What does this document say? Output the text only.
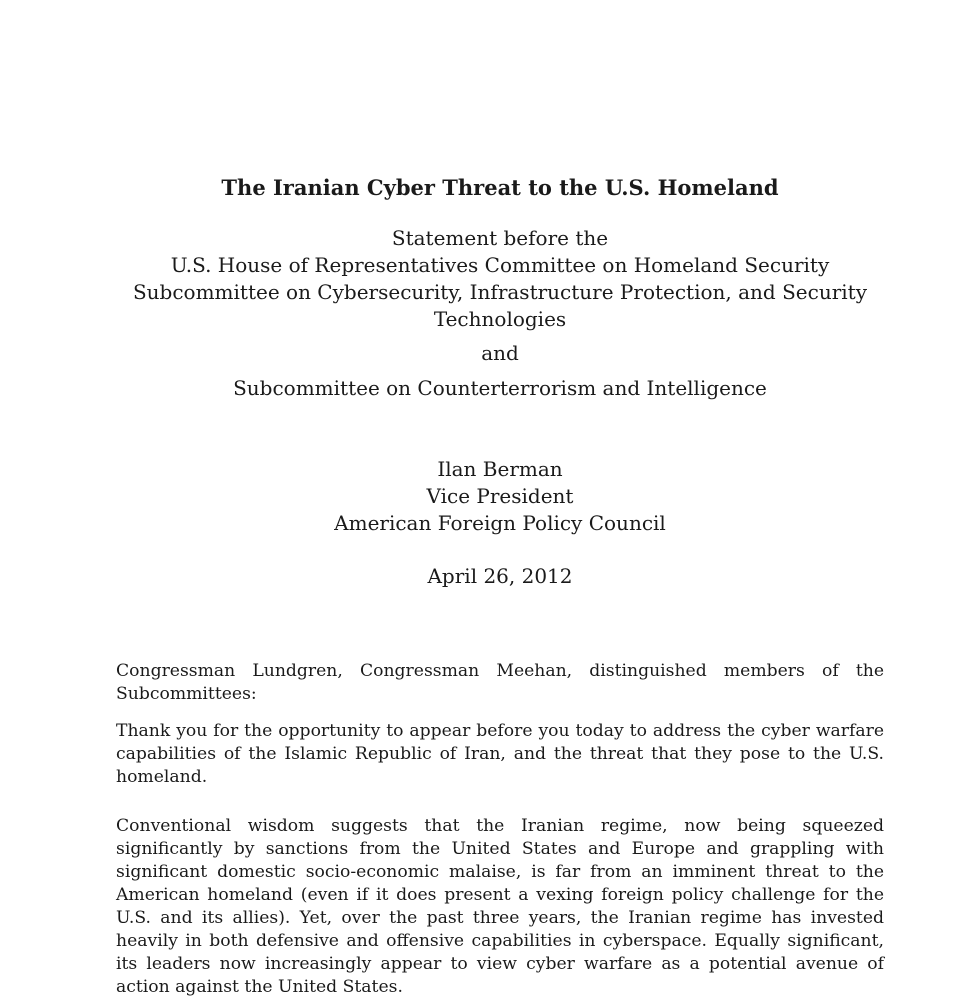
The Iranian Cyber Threat to the U.S. Homeland
Statement before the
U.S. House of Representatives Committee on Homeland Security
Subcommittee on Cybersecurity, Infrastructure Protection, and Security
Technologies
and
Subcommittee on Counterterrorism and Intelligence
Ilan Berman
Vice President
American Foreign Policy Council
April 26, 2012

Congressman Lundgren, Congressman Meehan, distinguished members of the Subcommittees:

Thank you for the opportunity to appear before you today to address the cyber warfare capabilities of the Islamic Republic of Iran, and the threat that they pose to the U.S. homeland.

Conventional wisdom suggests that the Iranian regime, now being squeezed significantly by sanctions from the United States and Europe and grappling with significant domestic socio-economic malaise, is far from an imminent threat to the American homeland (even if it does present a vexing foreign policy challenge for the U.S. and its allies). Yet, over the past three years, the Iranian regime has invested heavily in both defensive and offensive capabilities in cyberspace. Equally significant, its leaders now increasingly appear to view cyber warfare as a potential avenue of action against the United States.
